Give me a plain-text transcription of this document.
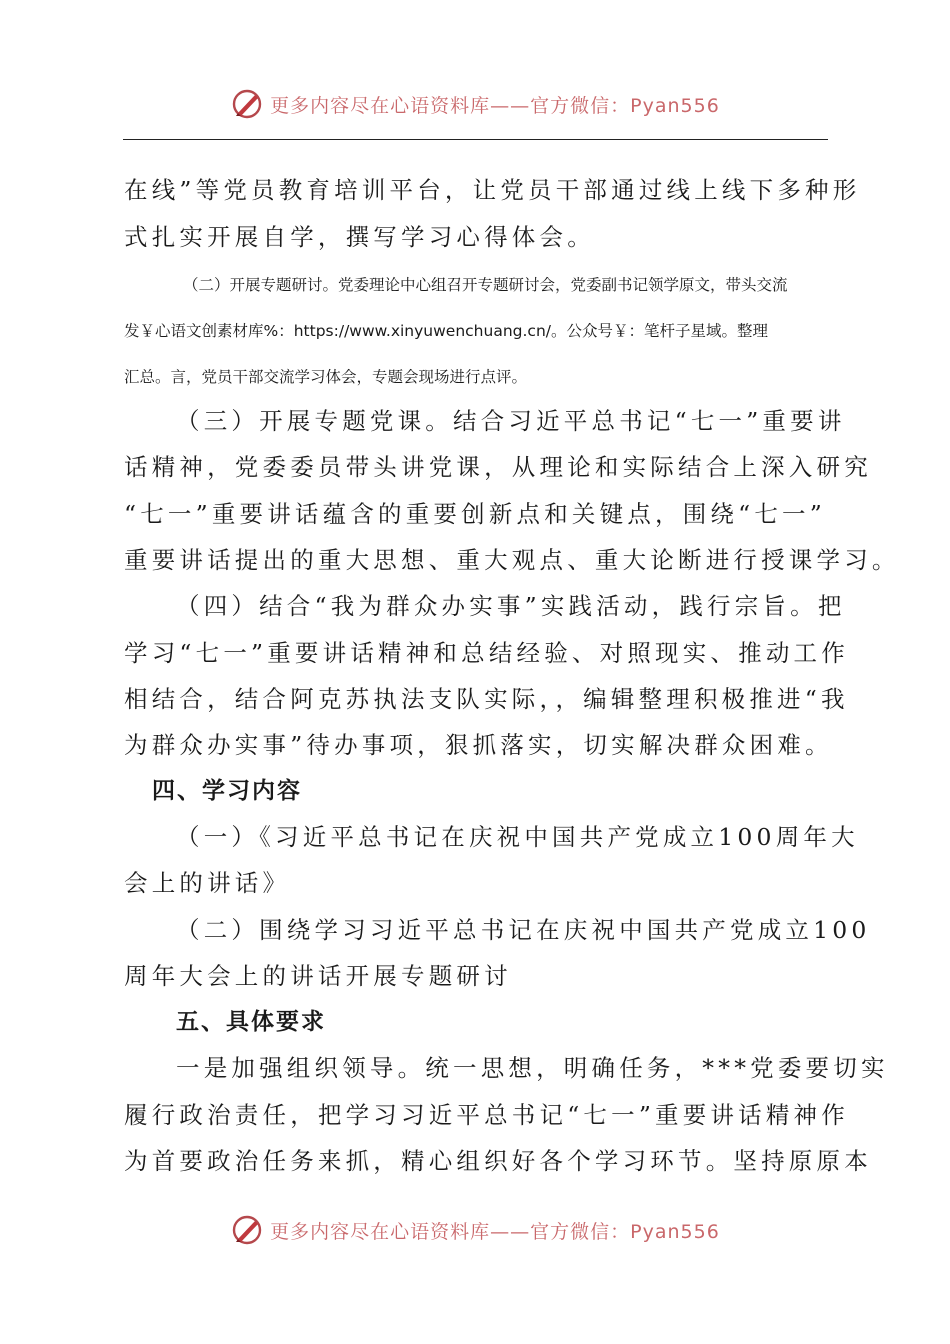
更多内容尽在心语资料库——官方微信：Pyan556
在线”等党员教育培训平台，让党员干部通过线上线下多种形
式扎实开展自学，撰写学习心得体会。
（二）开展专题研讨。党委理论中心组召开专题研讨会，党委副书记领学原文，带头交流
发￥心语文创素材库%：https://www.xinyuwenchuang.cn/。公众号￥：笔杆子星域。整理
汇总。言，党员干部交流学习体会，专题会现场进行点评。
（三）开展专题党课。结合习近平总书记“七一”重要讲
话精神，党委委员带头讲党课，从理论和实际结合上深入研究
“七一”重要讲话蕴含的重要创新点和关键点，围绕“七一”
重要讲话提出的重大思想、重大观点、重大论断进行授课学习。
（四）结合“我为群众办实事”实践活动，践行宗旨。把
学习“七一”重要讲话精神和总结经验、对照现实、推动工作
相结合，结合阿克苏执法支队实际，，编辑整理积极推进“我
为群众办实事”待办事项，狠抓落实，切实解决群众困难。
四、学习内容
（一）《习近平总书记在庆祝中国共产党成立100周年大
会上的讲话》
（二）围绕学习习近平总书记在庆祝中国共产党成立100
周年大会上的讲话开展专题研讨
五、具体要求
一是加强组织领导。统一思想，明确任务，***党委要切实
履行政治责任，把学习习近平总书记“七一”重要讲话精神作
为首要政治任务来抓，精心组织好各个学习环节。坚持原原本
更多内容尽在心语资料库——官方微信：Pyan556
